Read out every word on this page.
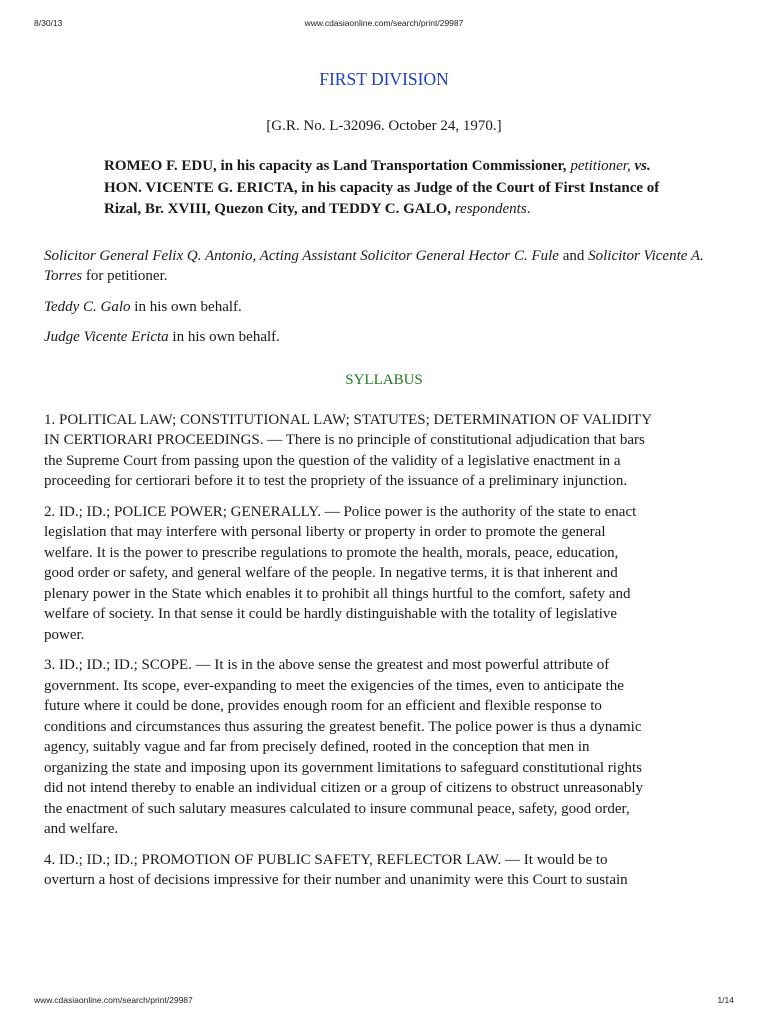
8/30/13	www.cdasiaonline.com/search/print/29987
FIRST DIVISION
[G.R. No. L-32096. October 24, 1970.]
ROMEO F. EDU, in his capacity as Land Transportation Commissioner, petitioner, vs. HON. VICENTE G. ERICTA, in his capacity as Judge of the Court of First Instance of Rizal, Br. XVIII, Quezon City, and TEDDY C. GALO, respondents.

Solicitor General Felix Q. Antonio, Acting Assistant Solicitor General Hector C. Fule and Solicitor Vicente A. Torres for petitioner.

Teddy C. Galo in his own behalf.

Judge Vicente Ericta in his own behalf.

SYLLABUS

1. POLITICAL LAW; CONSTITUTIONAL LAW; STATUTES; DETERMINATION OF VALIDITY
IN CERTIORARI PROCEEDINGS. — There is no principle of constitutional adjudication that bars
the Supreme Court from passing upon the question of the validity of a legislative enactment in a
proceeding for certiorari before it to test the propriety of the issuance of a preliminary injunction.

2. ID.; ID.; POLICE POWER; GENERALLY. — Police power is the authority of the state to enact
legislation that may interfere with personal liberty or property in order to promote the general
welfare. It is the power to prescribe regulations to promote the health, morals, peace, education,
good order or safety, and general welfare of the people. In negative terms, it is that inherent and
plenary power in the State which enables it to prohibit all things hurtful to the comfort, safety and
welfare of society. In that sense it could be hardly distinguishable with the totality of legislative
power.

3. ID.; ID.; ID.; SCOPE. — It is in the above sense the greatest and most powerful attribute of
government. Its scope, ever-expanding to meet the exigencies of the times, even to anticipate the
future where it could be done, provides enough room for an efficient and flexible response to
conditions and circumstances thus assuring the greatest benefit. The police power is thus a dynamic
agency, suitably vague and far from precisely defined, rooted in the conception that men in
organizing the state and imposing upon its government limitations to safeguard constitutional rights
did not intend thereby to enable an individual citizen or a group of citizens to obstruct unreasonably
the enactment of such salutary measures calculated to insure communal peace, safety, good order,
and welfare.

4. ID.; ID.; ID.; PROMOTION OF PUBLIC SAFETY, REFLECTOR LAW. — It would be to
overturn a host of decisions impressive for their number and unanimity were this Court to sustain

www.cdasiaonline.com/search/print/29987	1/14
